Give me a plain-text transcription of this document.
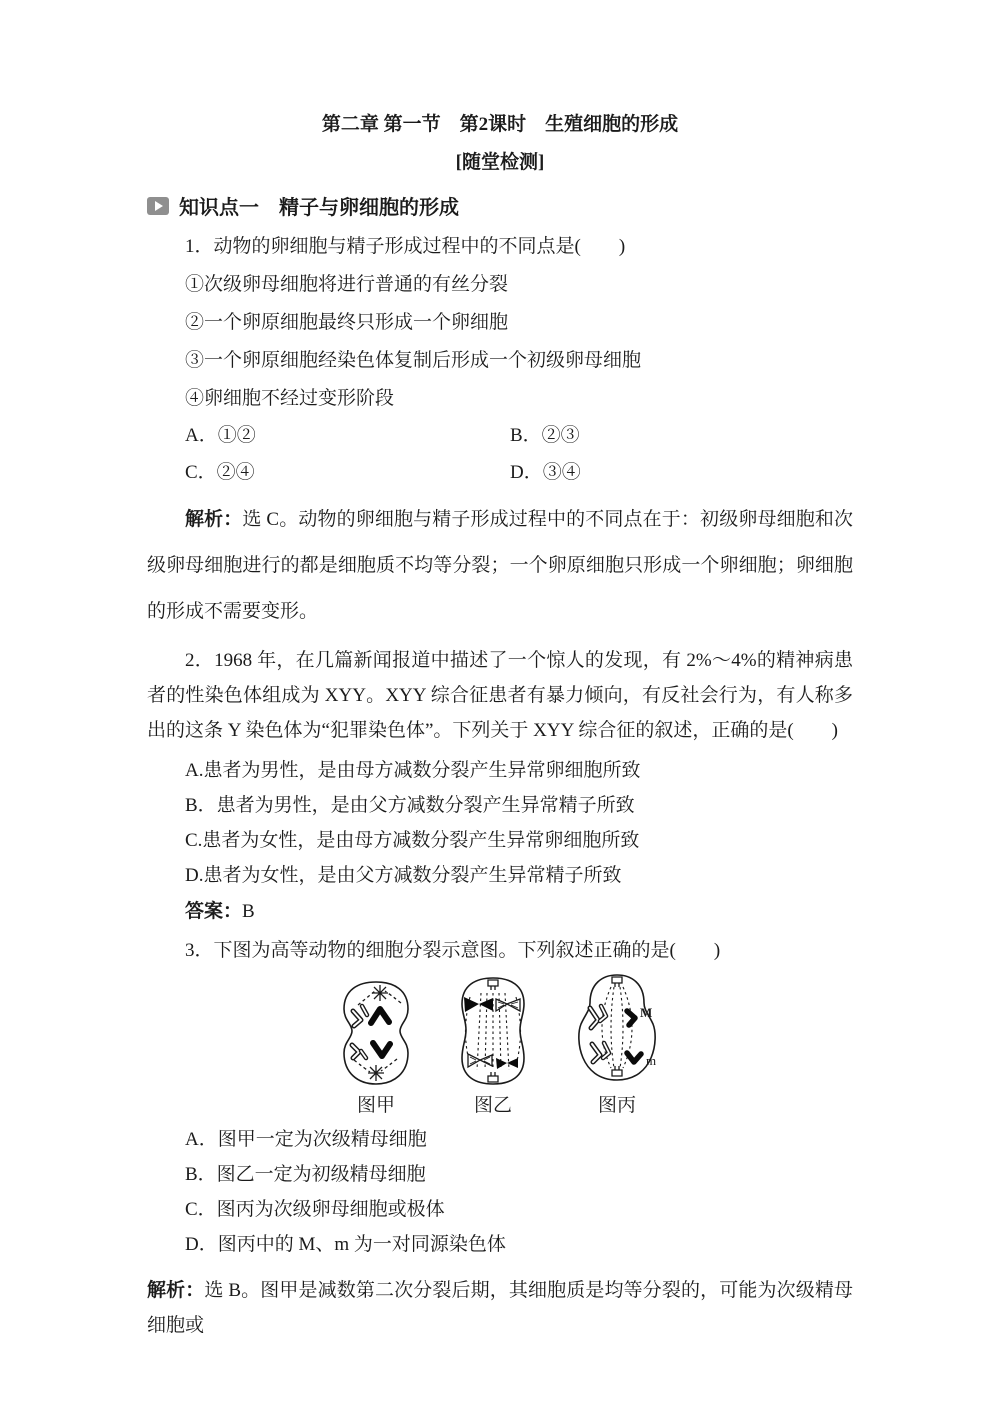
第二章 第一节　第2课时　生殖细胞的形成
[随堂检测]
知识点一　精子与卵细胞的形成

1．动物的卵细胞与精子形成过程中的不同点是(　　)

①次级卵母细胞将进行普通的有丝分裂

②一个卵原细胞最终只形成一个卵细胞

③一个卵原细胞经染色体复制后形成一个初级卵母细胞

④卵细胞不经过变形阶段

A．①②	B．②③
C．②④	D．③④

解析：选 C。动物的卵细胞与精子形成过程中的不同点在于：初级卵母细胞和次级卵母细胞进行的都是细胞质不均等分裂；一个卵原细胞只形成一个卵细胞；卵细胞的形成不需要变形。

2．1968 年，在几篇新闻报道中描述了一个惊人的发现，有 2%～4%的精神病患者的性染色体组成为 XYY。XYY 综合征患者有暴力倾向，有反社会行为，有人称多出的这条 Y 染色体为“犯罪染色体”。下列关于 XYY 综合征的叙述，正确的是(　　)

A.患者为男性，是由母方减数分裂产生异常卵细胞所致

B．患者为男性，是由父方减数分裂产生异常精子所致

C.患者为女性，是由母方减数分裂产生异常卵细胞所致

D.患者为女性，是由父方减数分裂产生异常精子所致

答案：B

3．下图为高等动物的细胞分裂示意图。下列叙述正确的是(　　)

图甲	图乙
M
m
图丙

A．图甲一定为次级精母细胞

B．图乙一定为初级精母细胞

C．图丙为次级卵母细胞或极体

D．图丙中的 M、m 为一对同源染色体

解析：选 B。图甲是减数第二次分裂后期，其细胞质是均等分裂的，可能为次级精母细胞或
